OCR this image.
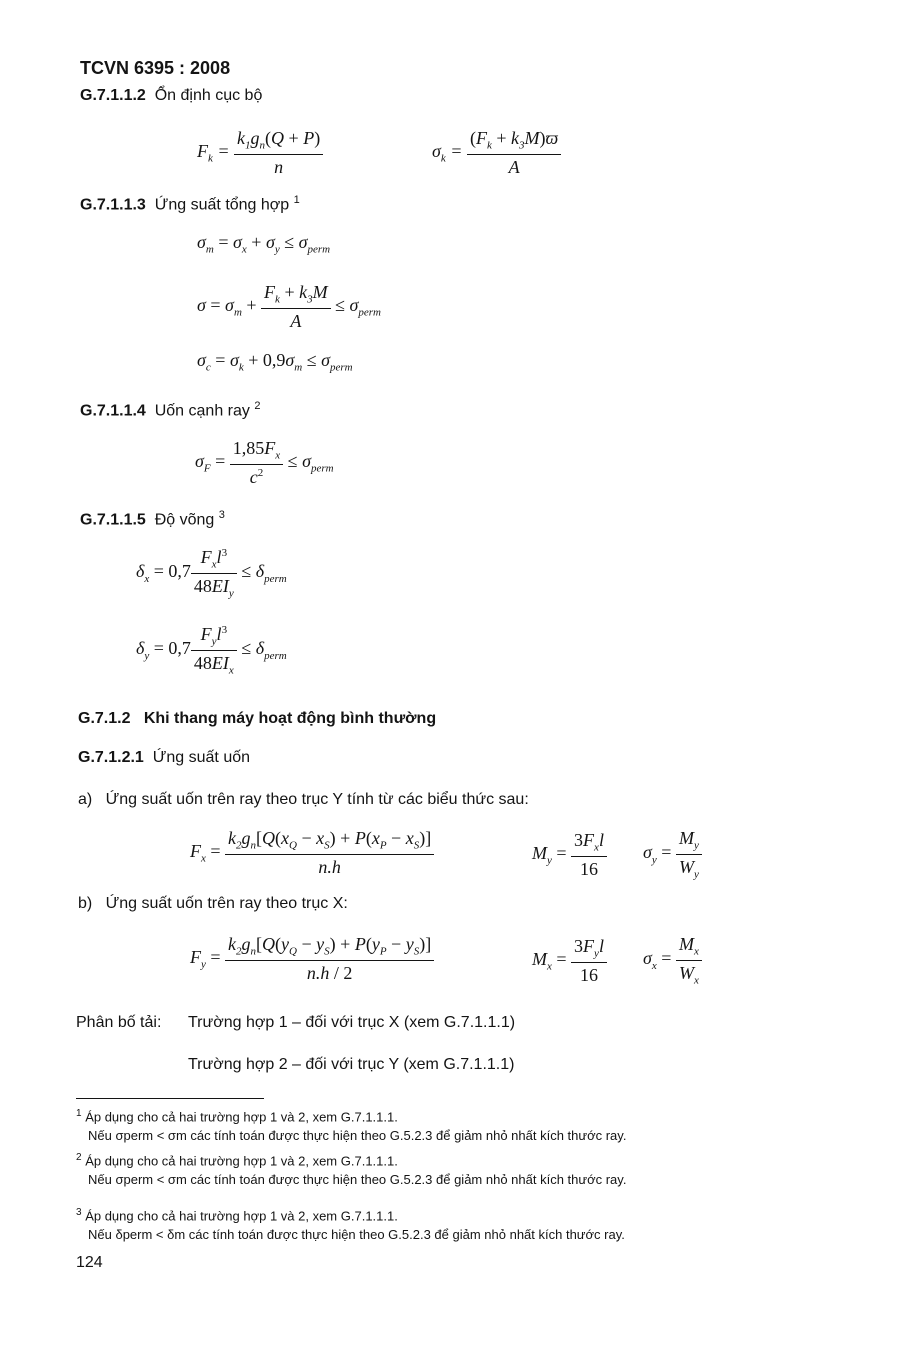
TCVN 6395 : 2008
G.7.1.1.2 Ổn định cục bộ
$F_k = \frac{k_1g_n(Q + P)}{n}$	$\sigma_k = \frac{(F_k + k_3M)ϖ}{A}$
G.7.1.1.3 Ứng suất tổng hợp $^1$
$\sigma_m = \sigma_x + \sigma_y \le \sigma_{perm}$
$\sigma = \sigma_m + \frac{F_k + k_3M}{A} \le \sigma_{perm}$
$\sigma_c = \sigma_k + 0,9\sigma_m \le \sigma_{perm}$
G.7.1.1.4 Uốn cạnh ray $^2$
$\sigma_F = \frac{1,85F_x}{c^2} \le \sigma_{perm}$
G.7.1.1.5 Độ võng $^3$
$\delta_x = 0,7 \frac{F_xl^3}{48EI_y} \le \delta_{perm}$
$\delta_y = 0,7 \frac{F_yl^3}{48EI_x} \le \delta_{perm}$
G.7.1.2 Khi thang máy hoạt động bình thường
G.7.1.2.1 Ứng suất uốn
a) Ứng suất uốn trên ray theo trục Y tính từ các biểu thức sau:
$F_x = \frac{k_2g_n[Q(x_Q - x_S) + P(x_P - x_S)]}{n.h}$	$M_y = \frac{3F_xl}{16} \sigma_y = \frac{M_y}{W_y}$
b) Ứng suất uốn trên ray theo trục X:
$F_y = \frac{k_2g_n[Q(y_Q - y_S) + P(y_P - y_S)]}{n.h / 2}$	$M_x = \frac{3F_yl}{16} \sigma_x = \frac{M_x}{W_x}$
Phân bố tải: Trường hợp 1 – đối với trục X (xem G.7.1.1.1)
Trường hợp 2 – đối với trục Y (xem G.7.1.1.1)
$^1$ Áp dụng cho cả hai trường hợp 1 và 2, xem G.7.1.1.1.
Nếu σperm < σm các tính toán được thực hiện theo G.5.2.3 để giảm nhỏ nhất kích thước ray.
$^2$ Áp dụng cho cả hai trường hợp 1 và 2, xem G.7.1.1.1.
Nếu σperm < σm các tính toán được thực hiện theo G.5.2.3 để giảm nhỏ nhất kích thước ray.
$^3$ Áp dụng cho cả hai trường hợp 1 và 2, xem G.7.1.1.1.
Nếu δperm < δm các tính toán được thực hiện theo G.5.2.3 để giảm nhỏ nhất kích thước ray.
124
